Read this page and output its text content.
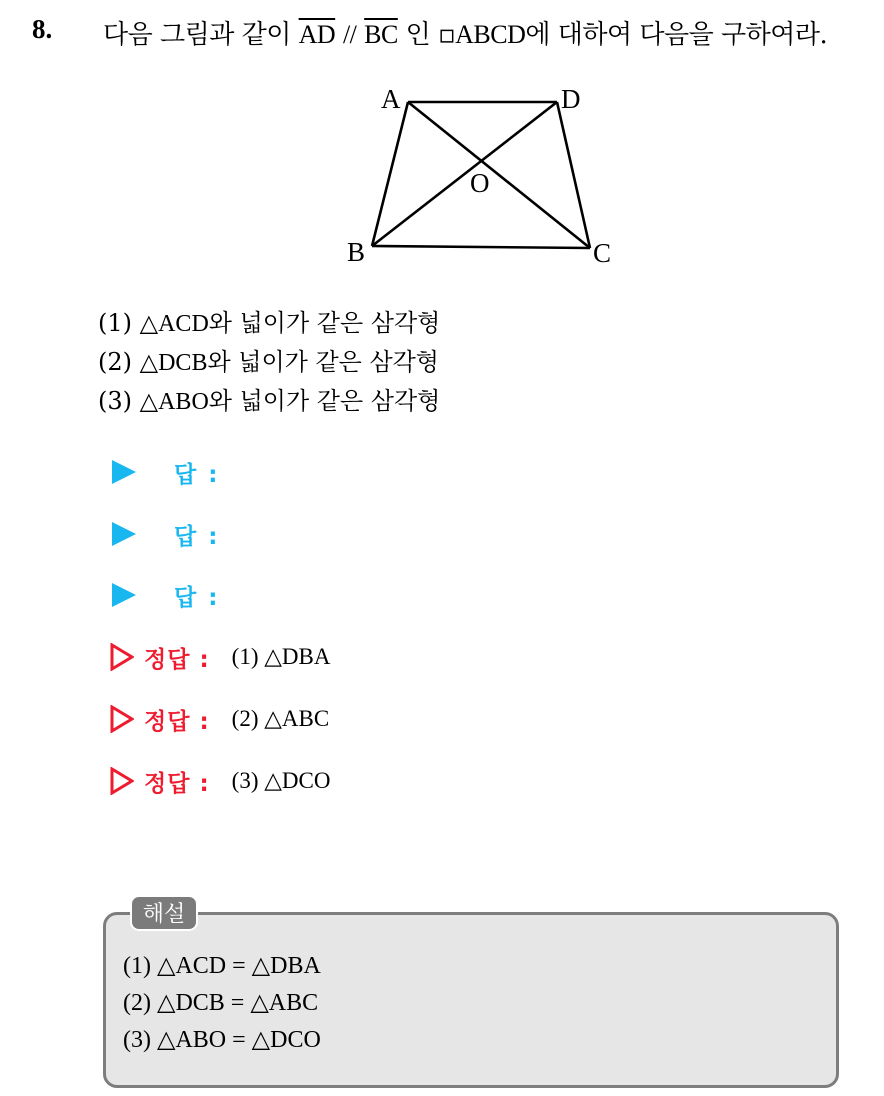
8. 다음 그림과 같이 $\overline{AD} // \overline{BC}$ 인 ▫ABCD에 대하여 다음을 구하여라.
A	D
O
B	C
(1) △ACD와 넓이가 같은 삼각형
(2) △DCB와 넓이가 같은 삼각형
(3) △ABO와 넓이가 같은 삼각형
답 :
답 :
답 :
정답 : (1) △DBA
정답 : (2) △ABC
정답 : (3) △DCO
해설
(1) △ACD = △DBA
(2) △DCB = △ABC
(3) △ABO = △DCO
